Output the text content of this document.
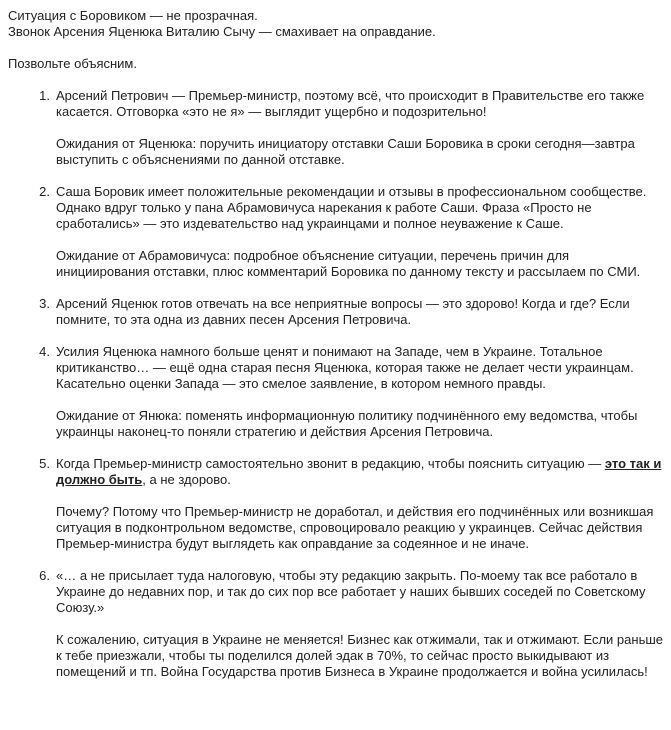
Ситуация с Боровиком — не прозрачная.

Звонок Арсения Яценюка Виталию Сычу — смахивает на оправдание.

Позвольте объясним.

1. Арсений Петрович — Премьер-министр, поэтому всё, что происходит в Правительстве его также касается. Отговорка «это не я» — выглядит ущербно и подозрительно!

Ожидания от Яценюка: поручить инициатору отставки Саши Боровика в сроки сегодня—завтра выступить с объяснениями по данной отставке.

2. Саша Боровик имеет положительные рекомендации и отзывы в профессиональном сообществе. Однако вдруг только у пана Абрамовичуса нарекания к работе Саши. Фраза «Просто не сработались» — это издевательство над украинцами и полное неуважение к Саше.

Ожидание от Абрамовичуса: подробное объяснение ситуации, перечень причин для инициирования отставки, плюс комментарий Боровика по данному тексту и рассылаем по СМИ.

3. Арсений Яценюк готов отвечать на все неприятные вопросы — это здорово! Когда и где? Если помните, то эта одна из давних песен Арсения Петровича.

4. Усилия Яценюка намного больше ценят и понимают на Западе, чем в Украине. Тотальное критиканство… — ещё одна старая песня Яценюка, которая также не делает чести украинцам. Касательно оценки Запада — это смелое заявление, в котором немного правды.

Ожидание от Янюка: поменять информационную политику подчинённого ему ведомства, чтобы украинцы наконец-то поняли стратегию и действия Арсения Петровича.

5. Когда Премьер-министр самостоятельно звонит в редакцию, чтобы пояснить ситуацию — это так и должно быть, а не здорово.

Почему? Потому что Премьер-министр не доработал, и действия его подчинённых или возникшая ситуация в подконтрольном ведомстве, спровоцировало реакцию у украинцев. Сейчас действия Премьер-министра будут выглядеть как оправдание за содеянное и не иначе.

6. «… а не присылает туда налоговую, чтобы эту редакцию закрыть. По-моему так все работало в Украине до недавних пор, и так до сих пор все работает у наших бывших соседей по Советскому Союзу.»

К сожалению, ситуация в Украине не меняется! Бизнес как отжимали, так и отжимают. Если раньше к тебе приезжали, чтобы ты поделился долей эдак в 70%, то сейчас просто выкидывают из помещений и тп. Война Государства против Бизнеса в Украине продолжается и война усилилась!
